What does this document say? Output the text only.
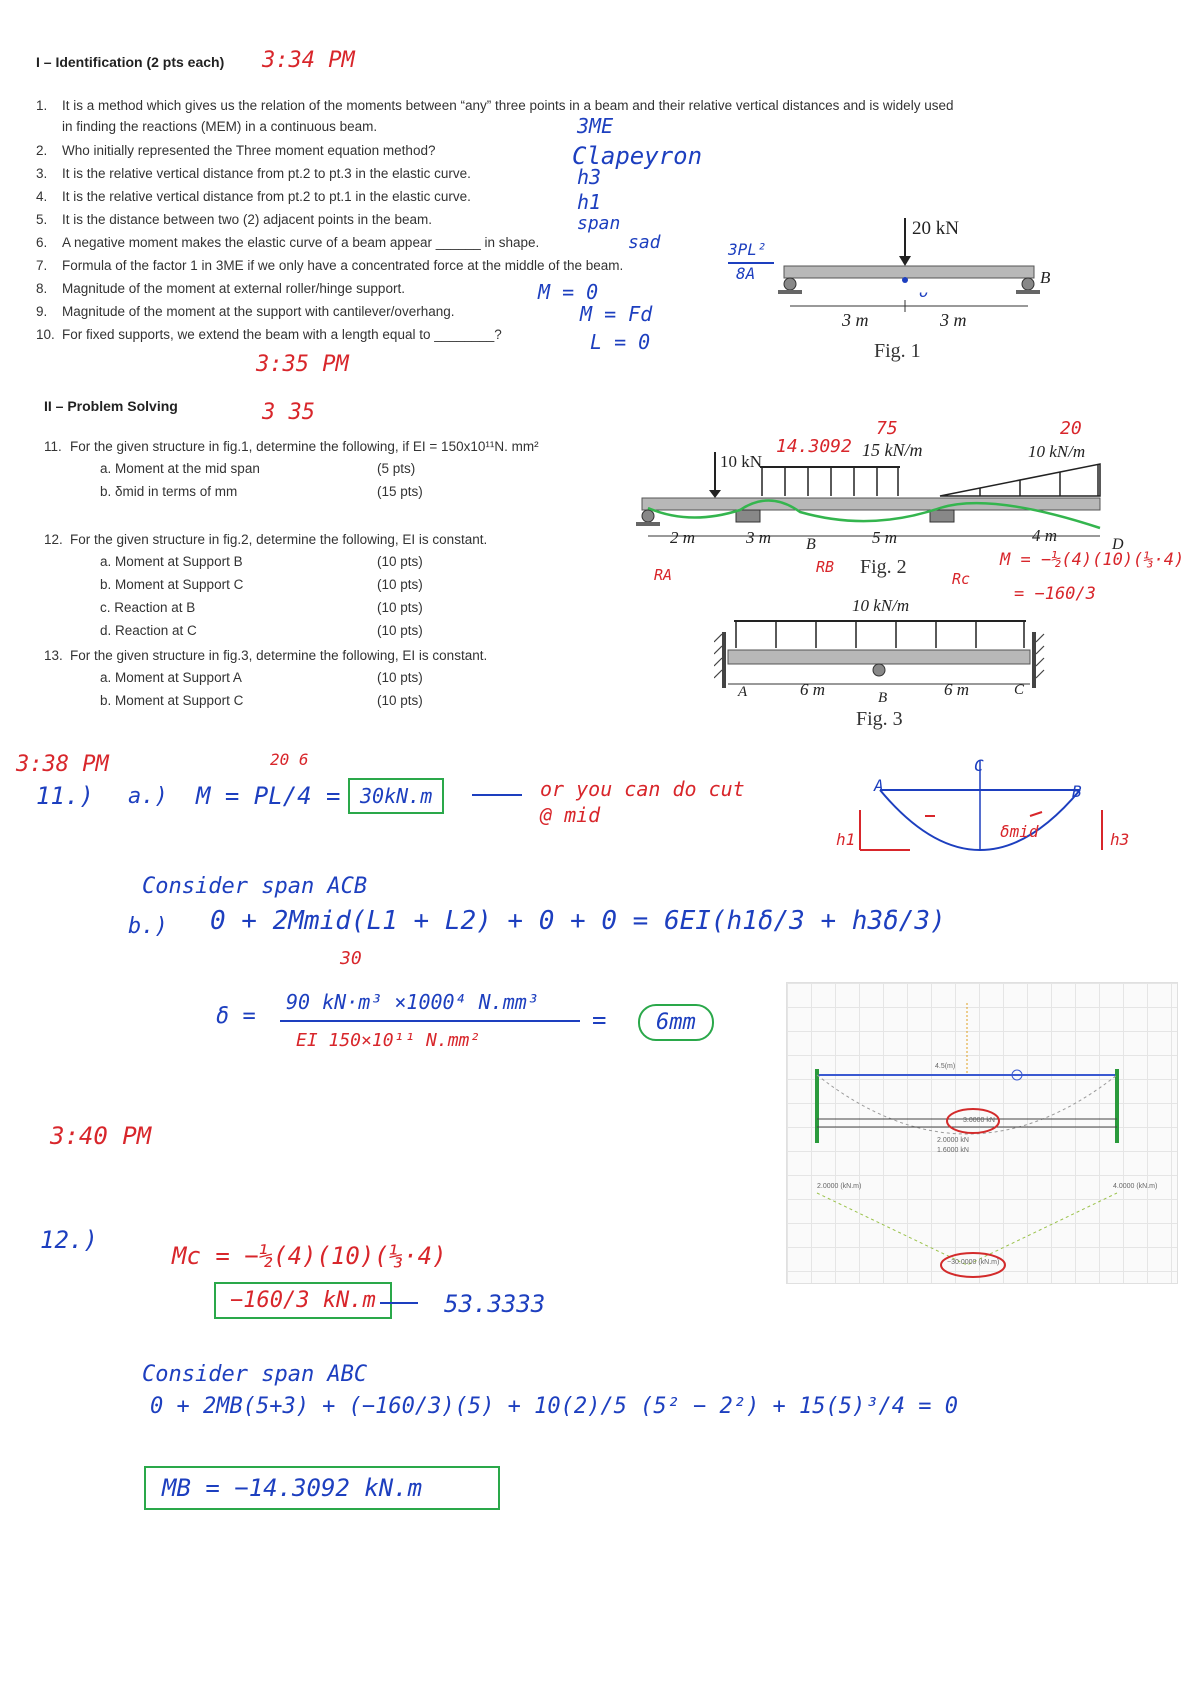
I – Identification (2 pts each) 3:34 PM
1. It is a method which gives us the relation of the moments between “any” three points in a beam and their relative vertical distances and is widely used
in finding the reactions (MEM) in a continuous beam.
2. Who initially represented the Three moment equation method?
3. It is the relative vertical distance from pt.2 to pt.3 in the elastic curve.
4. It is the relative vertical distance from pt.2 to pt.1 in the elastic curve.
5. It is the distance between two (2) adjacent points in the beam.
6. A negative moment makes the elastic curve of a beam appear ______ in shape.
7. Formula of the factor 1 in 3ME if we only have a concentrated force at the middle of the beam.
8. Magnitude of the moment at external roller/hinge support.
9. Magnitude of the moment at the support with cantilever/overhang.
10. For fixed supports, we extend the beam with a length equal to ________?
3ME
Clapeyron
h3
h1
span
sad	3PL²
8A
M = 0
M = Fd
L = 0
3:35 PM
20 kN
B
3 m	3 m
Fig. 1
ᴗ
II – Problem Solving	3 35
11. For the given structure in fig.1, determine the following, if EI = 150x10¹¹N. mm²
a. Moment at the mid span	(5 pts)
b. δmid in terms of mm	(15 pts)
12. For the given structure in fig.2, determine the following, EI is constant.
a. Moment at Support B	(10 pts)
b. Moment at Support C	(10 pts)
c. Reaction at B	(10 pts)
d. Reaction at C	(10 pts)
13. For the given structure in fig.3, determine the following, EI is constant.
a. Moment at Support A	(10 pts)
b. Moment at Support C	(10 pts)
10 kN
15 kN/m	10 kN/m
2 m	3 m	5 m	4 m
B	D
Fig. 2
14.3092
75	20
RA	RB
Rc
M = −½(4)(10)(⅓·4)
= −160/3
10 kN/m
A	6 m	B	6 m	C
Fig. 3
3:38 PM
11.) a.)
20 6
M = PL/4 = 30kN.m	or you can do cut @ mid
Consider span ACB
b.) 0 + 2Mmid(L1 + L2) + 0 + 0 = 6EI(h1δ/3 + h3δ/3)
30
δ =
90 kN·m³ ×1000⁴ N.mm³
EI 150×10¹¹ N.mm²
=	6mm
A
C
B
h1	h3
δmid
3:40 PM
4.5(m)
3.0000 kN
2.0000 kN
1.6000 kN
2.0000 (kN.m)	4.0000 (kN.m)
−30.0000 (kN.m)
12.)
Mc = −½(4)(10)(⅓·4)
−160/3 kN.m	53.3333
Consider span ABC
0 + 2MB(5+3) + (−160/3)(5) + 10(2)/5 (5² − 2²) + 15(5)³/4 = 0
MB = −14.3092 kN.m
